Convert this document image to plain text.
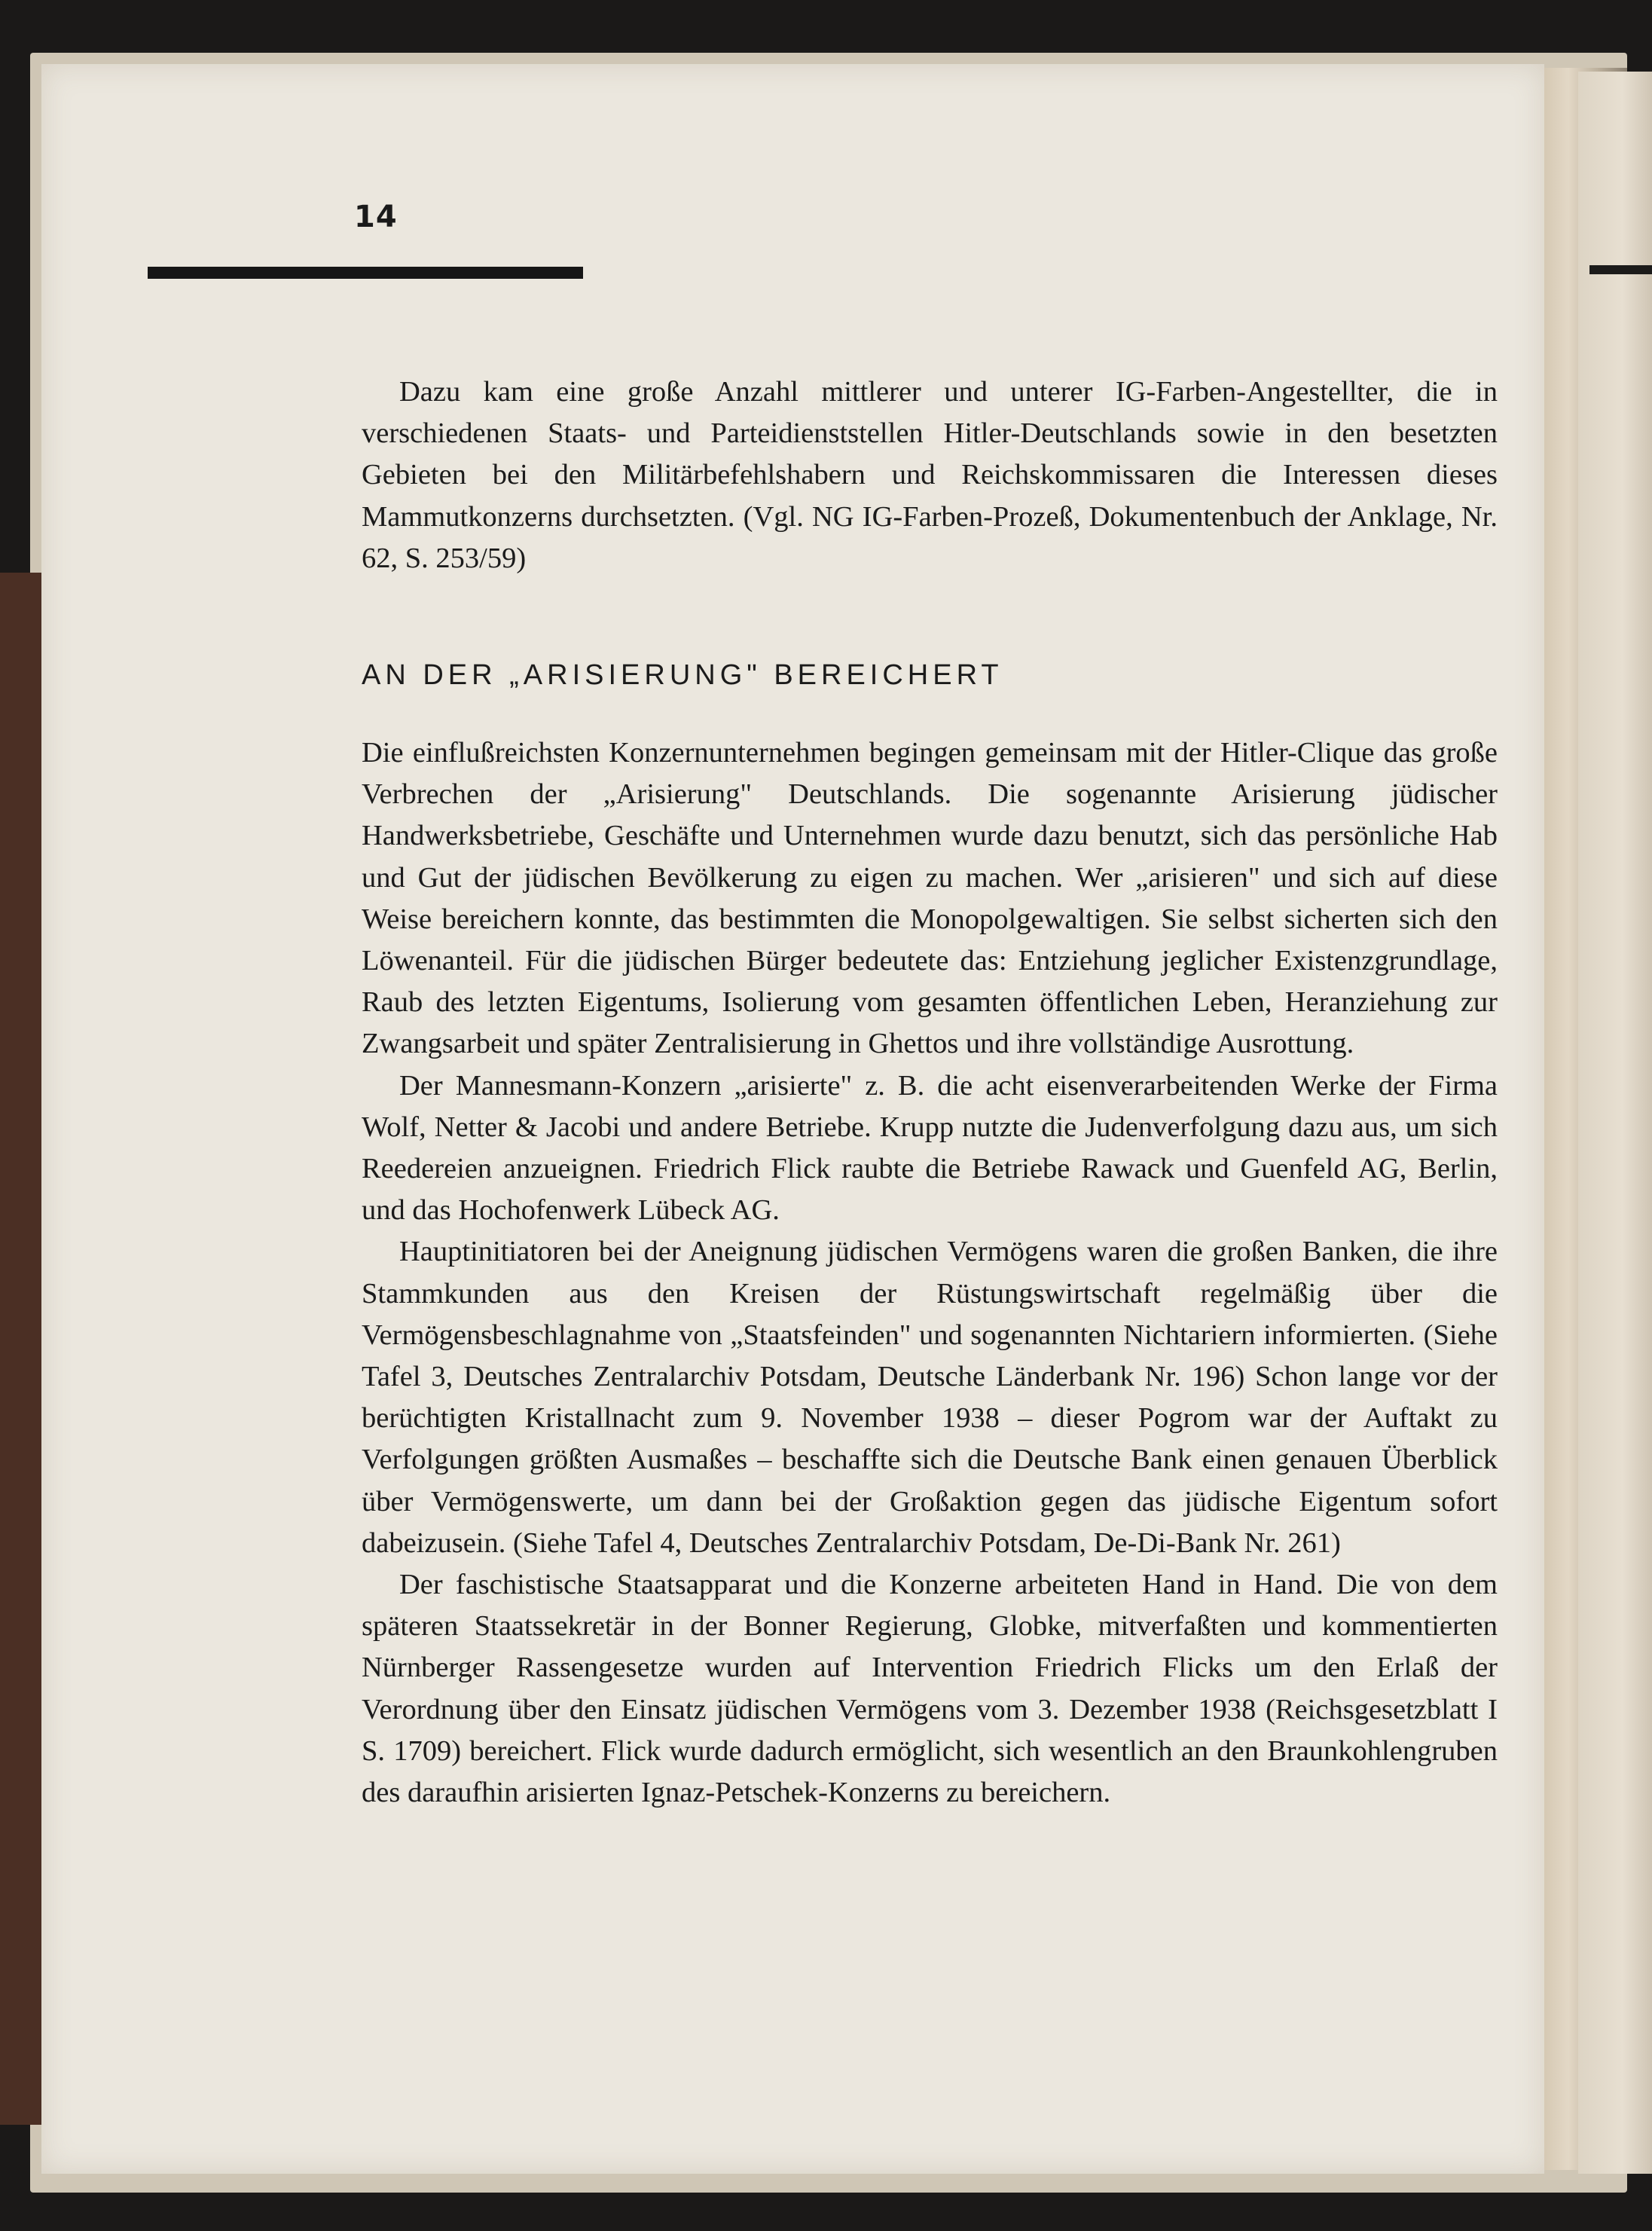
14

Dazu kam eine große Anzahl mittlerer und unterer IG-Farben-Angestellter, die in verschiedenen Staats- und Parteidienststellen Hitler-Deutschlands sowie in den besetzten Gebieten bei den Militärbefehlshabern und Reichskommissaren die Interessen dieses Mammutkonzerns durchsetzten. (Vgl. NG IG-Farben-Prozeß, Dokumentenbuch der Anklage, Nr. 62, S. 253/59)

AN DER „ARISIERUNG" BEREICHERT

Die einflußreichsten Konzernunternehmen begingen gemeinsam mit der Hitler-Clique das große Verbrechen der „Arisierung" Deutschlands. Die sogenannte Arisierung jüdischer Handwerksbetriebe, Geschäfte und Unternehmen wurde dazu benutzt, sich das persönliche Hab und Gut der jüdischen Bevölkerung zu eigen zu machen. Wer „arisieren" und sich auf diese Weise bereichern konnte, das bestimmten die Monopolgewaltigen. Sie selbst sicherten sich den Löwenanteil. Für die jüdischen Bürger bedeutete das: Entziehung jeglicher Existenzgrundlage, Raub des letzten Eigentums, Isolierung vom gesamten öffentlichen Leben, Heranziehung zur Zwangsarbeit und später Zentralisierung in Ghettos und ihre vollständige Ausrottung.

Der Mannesmann-Konzern „arisierte" z. B. die acht eisenverarbeitenden Werke der Firma Wolf, Netter & Jacobi und andere Betriebe. Krupp nutzte die Judenverfolgung dazu aus, um sich Reedereien anzueignen. Friedrich Flick raubte die Betriebe Rawack und Guenfeld AG, Berlin, und das Hochofenwerk Lübeck AG.

Hauptinitiatoren bei der Aneignung jüdischen Vermögens waren die großen Banken, die ihre Stammkunden aus den Kreisen der Rüstungswirtschaft regelmäßig über die Vermögensbeschlagnahme von „Staatsfeinden" und sogenannten Nichtariern informierten. (Siehe Tafel 3, Deutsches Zentralarchiv Potsdam, Deutsche Länderbank Nr. 196) Schon lange vor der berüchtigten Kristallnacht zum 9. November 1938 – dieser Pogrom war der Auftakt zu Verfolgungen größten Ausmaßes – beschaffte sich die Deutsche Bank einen genauen Überblick über Vermögenswerte, um dann bei der Großaktion gegen das jüdische Eigentum sofort dabeizusein. (Siehe Tafel 4, Deutsches Zentralarchiv Potsdam, De-Di-Bank Nr. 261)

Der faschistische Staatsapparat und die Konzerne arbeiteten Hand in Hand. Die von dem späteren Staatssekretär in der Bonner Regierung, Globke, mitverfaßten und kommentierten Nürnberger Rassengesetze wurden auf Intervention Friedrich Flicks um den Erlaß der Verordnung über den Einsatz jüdischen Vermögens vom 3. Dezember 1938 (Reichsgesetzblatt I S. 1709) bereichert. Flick wurde dadurch ermöglicht, sich wesentlich an den Braunkohlengruben des daraufhin arisierten Ignaz-Petschek-Konzerns zu bereichern.
